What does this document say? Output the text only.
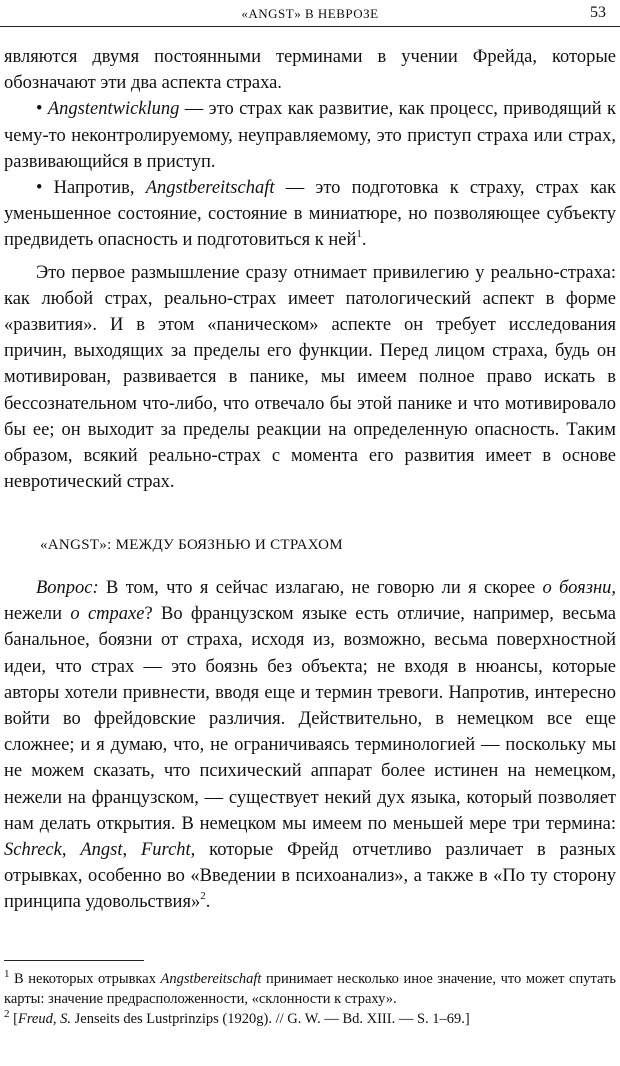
«ANGST» В НЕВРОЗЕ	53

являются двумя постоянными терминами в учении Фрейда, которые обозначают эти два аспекта страха.

• Angstentwicklung — это страх как развитие, как процесс, приводящий к чему-то неконтролируемому, неуправляемому, это приступ страха или страх, развивающийся в приступ.

• Напротив, Angstbereitschaft — это подготовка к страху, страх как уменьшенное состояние, состояние в миниатюре, но позволяющее субъекту предвидеть опасность и подготовиться к ней$^1$.

Это первое размышление сразу отнимает привилегию у реально-страха: как любой страх, реально-страх имеет патологический аспект в форме «развития». И в этом «паническом» аспекте он требует исследования причин, выходящих за пределы его функции. Перед лицом страха, будь он мотивирован, развивается в панике, мы имеем полное право искать в бессознательном что-либо, что отвечало бы этой панике и что мотивировало бы ее; он выходит за пределы реакции на определенную опасность. Таким образом, всякий реально-страх с момента его развития имеет в основе невротический страх.

«ANGST»: МЕЖДУ БОЯЗНЬЮ И СТРАХОМ

Вопрос: В том, что я сейчас излагаю, не говорю ли я скорее о боязни, нежели о страхе? Во французском языке есть отличие, например, весьма банальное, боязни от страха, исходя из, возможно, весьма поверхностной идеи, что страх — это боязнь без объекта; не входя в нюансы, которые авторы хотели привнести, вводя еще и термин тревоги. Напротив, интересно войти во фрейдовские различия. Действительно, в немецком все еще сложнее; и я думаю, что, не ограничиваясь терминологией — поскольку мы не можем сказать, что психический аппарат более истинен на немецком, нежели на французском, — существует некий дух языка, который позволяет нам делать открытия. В немецком мы имеем по меньшей мере три термина: Schreck, Angst, Furcht, которые Фрейд отчетливо различает в разных отрывках, особенно во «Введении в психоанализ», а также в «По ту сторону принципа удовольствия»$^2$.

$^1$ В некоторых отрывках Angstbereitschaft принимает несколько иное значение, что может спутать карты: значение предрасположенности, «склонности к страху».

$^2$ [Freud, S. Jenseits des Lustprinzips (1920g). // G. W. — Bd. XIII. — S. 1–69.]
